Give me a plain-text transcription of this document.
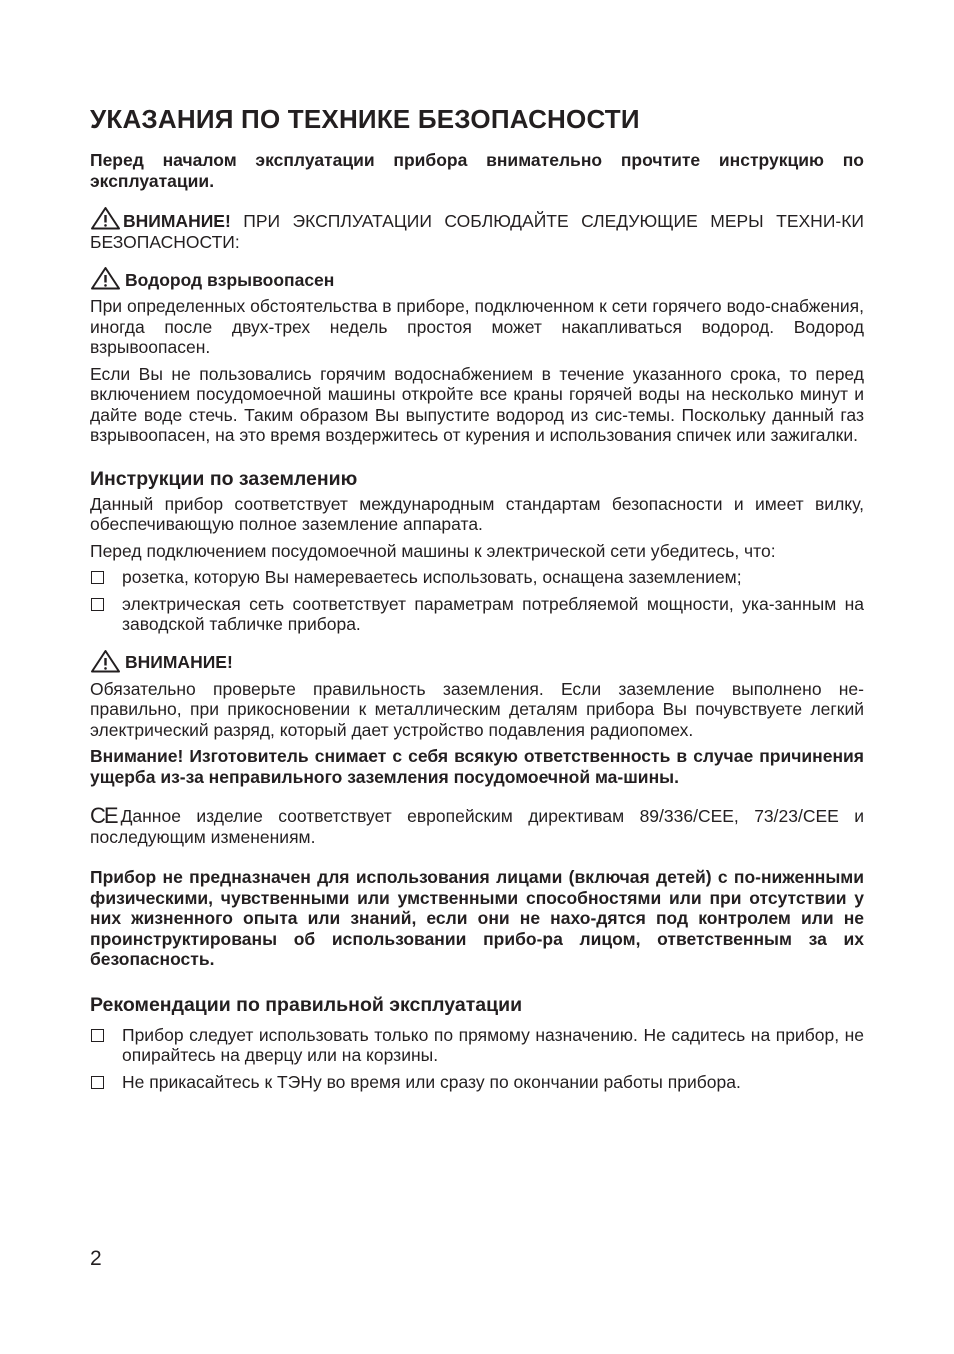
УКАЗАНИЯ ПО ТЕХНИКЕ БЕЗОПАСНОСТИ

Перед началом эксплуатации прибора внимательно прочтите инструкцию по эксплуатации.

ВНИМАНИЕ! ПРИ ЭКСПЛУАТАЦИИ СОБЛЮДАЙТЕ СЛЕДУЮЩИЕ МЕРЫ ТЕХНИ-КИ БЕЗОПАСНОСТИ:
Водород взрывоопасен

При определенных обстоятельства в приборе, подключенном к сети горячего водо-снабжения, иногда после двух-трех недель простоя может накапливаться водород. Водород взрывоопасен.

Если Вы не пользовались горячим водоснабжением в течение указанного срока, то перед включением посудомоечной машины откройте все краны горячей воды на несколько минут и дайте воде стечь. Таким образом Вы выпустите водород из сис-темы. Поскольку данный газ взрывоопасен, на это время воздержитесь от курения и использования спичек или зажигалки.

Инструкции по заземлению

Данный прибор соответствует международным стандартам безопасности и имеет вилку, обеспечивающую полное заземление аппарата.

Перед подключением посудомоечной машины к электрической сети убедитесь, что:

розетка, которую Вы намереваетесь использовать, оснащена заземлением;
электрическая сеть соответствует параметрам потребляемой мощности, ука-занным на заводской табличке прибора.
ВНИМАНИЕ!

Обязательно проверьте правильность заземления. Если заземление выполнено не-правильно, при прикосновении к металлическим деталям прибора Вы почувствуете легкий электрический разряд, который дает устройство подавления радиопомех.

Внимание! Изготовитель снимает с себя всякую ответственность в случае причинения ущерба из-за неправильного заземления посудомоечной ма-шины.

CE Данное изделие соответствует европейским директивам 89/336/CEE, 73/23/CEE и последующим изменениям.

Прибор не предназначен для использования лицами (включая детей) с по-ниженными физическими, чувственными или умственными способностями или при отсутствии у них жизненного опыта или знаний, если они не нахо-дятся под контролем или не проинструктированы об использовании прибо-ра лицом, ответственным за их безопасность.

Рекомендации по правильной эксплуатации
Прибор следует использовать только по прямому назначению. Не садитесь на прибор, не опирайтесь на дверцу или на корзины.
Не прикасайтесь к ТЭНу во время или сразу по окончании работы прибора.
2
